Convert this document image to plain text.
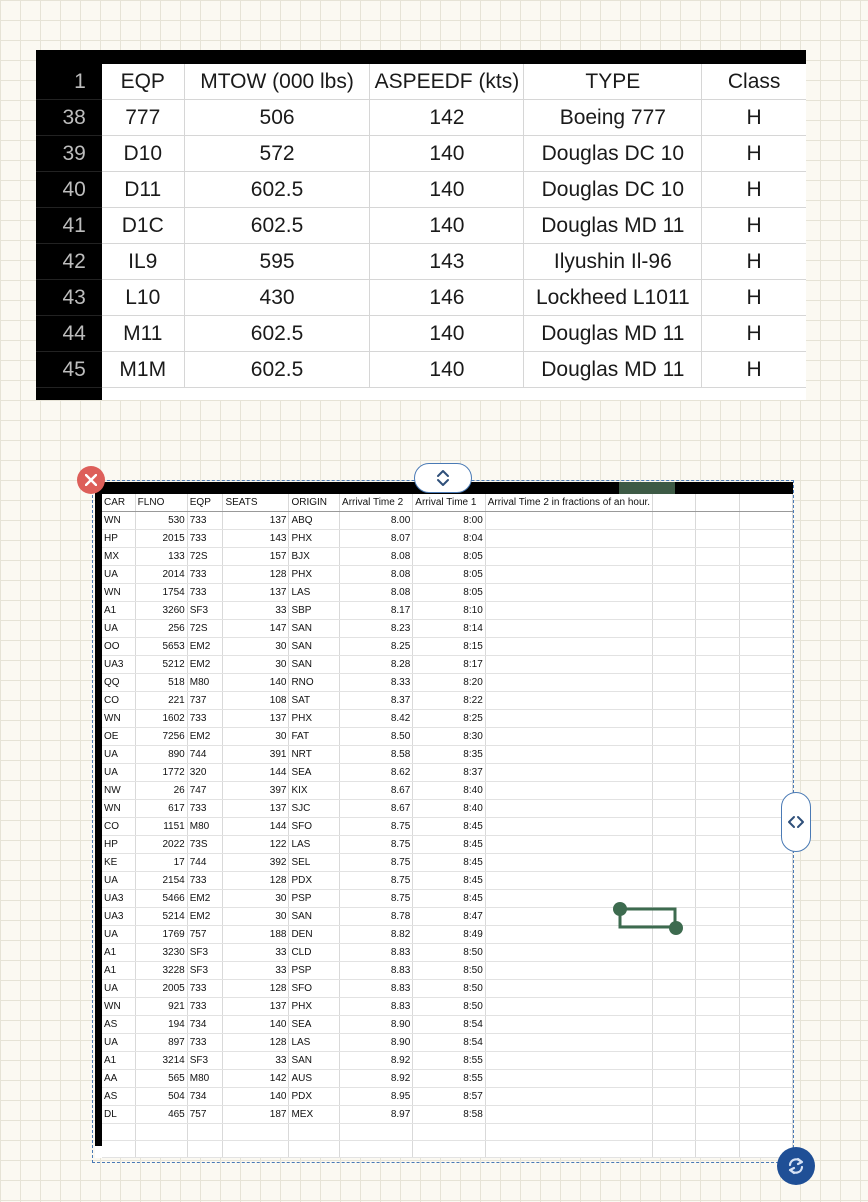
1	EQP	MTOW (000 lbs)	ASPEEDF (kts)	TYPE	Class
38	777	506	142	Boeing 777	H
39	D10	572	140	Douglas DC 10	H
40	D11	602.5	140	Douglas DC 10	H
41	D1C	602.5	140	Douglas MD 11	H
42	IL9	595	143	Ilyushin Il-96	H
43	L10	430	146	Lockheed L1011	H
44	M11	602.5	140	Douglas MD 11	H
45	M1M	602.5	140	Douglas MD 11	H
CAR	FLNO	EQP	SEATS	ORIGIN	Arrival Time 2	Arrival Time 1	Arrival Time 2 in fractions of an hour.			
WN	530	733	137	ABQ	8.00	8:00				
HP	2015	733	143	PHX	8.07	8:04				
MX	133	72S	157	BJX	8.08	8:05				
UA	2014	733	128	PHX	8.08	8:05				
WN	1754	733	137	LAS	8.08	8:05				
A1	3260	SF3	33	SBP	8.17	8:10				
UA	256	72S	147	SAN	8.23	8:14				
OO	5653	EM2	30	SAN	8.25	8:15				
UA3	5212	EM2	30	SAN	8.28	8:17				
QQ	518	M80	140	RNO	8.33	8:20				
CO	221	737	108	SAT	8.37	8:22				
WN	1602	733	137	PHX	8.42	8:25				
OE	7256	EM2	30	FAT	8.50	8:30				
UA	890	744	391	NRT	8.58	8:35				
UA	1772	320	144	SEA	8.62	8:37				
NW	26	747	397	KIX	8.67	8:40				
WN	617	733	137	SJC	8.67	8:40				
CO	1151	M80	144	SFO	8.75	8:45				
HP	2022	73S	122	LAS	8.75	8:45				
KE	17	744	392	SEL	8.75	8:45				
UA	2154	733	128	PDX	8.75	8:45				
UA3	5466	EM2	30	PSP	8.75	8:45				
UA3	5214	EM2	30	SAN	8.78	8:47				
UA	1769	757	188	DEN	8.82	8:49				
A1	3230	SF3	33	CLD	8.83	8:50				
A1	3228	SF3	33	PSP	8.83	8:50				
UA	2005	733	128	SFO	8.83	8:50				
WN	921	733	137	PHX	8.83	8:50				
AS	194	734	140	SEA	8.90	8:54				
UA	897	733	128	LAS	8.90	8:54				
A1	3214	SF3	33	SAN	8.92	8:55				
AA	565	M80	142	AUS	8.92	8:55				
AS	504	734	140	PDX	8.95	8:57				
DL	465	757	187	MEX	8.97	8:58				
